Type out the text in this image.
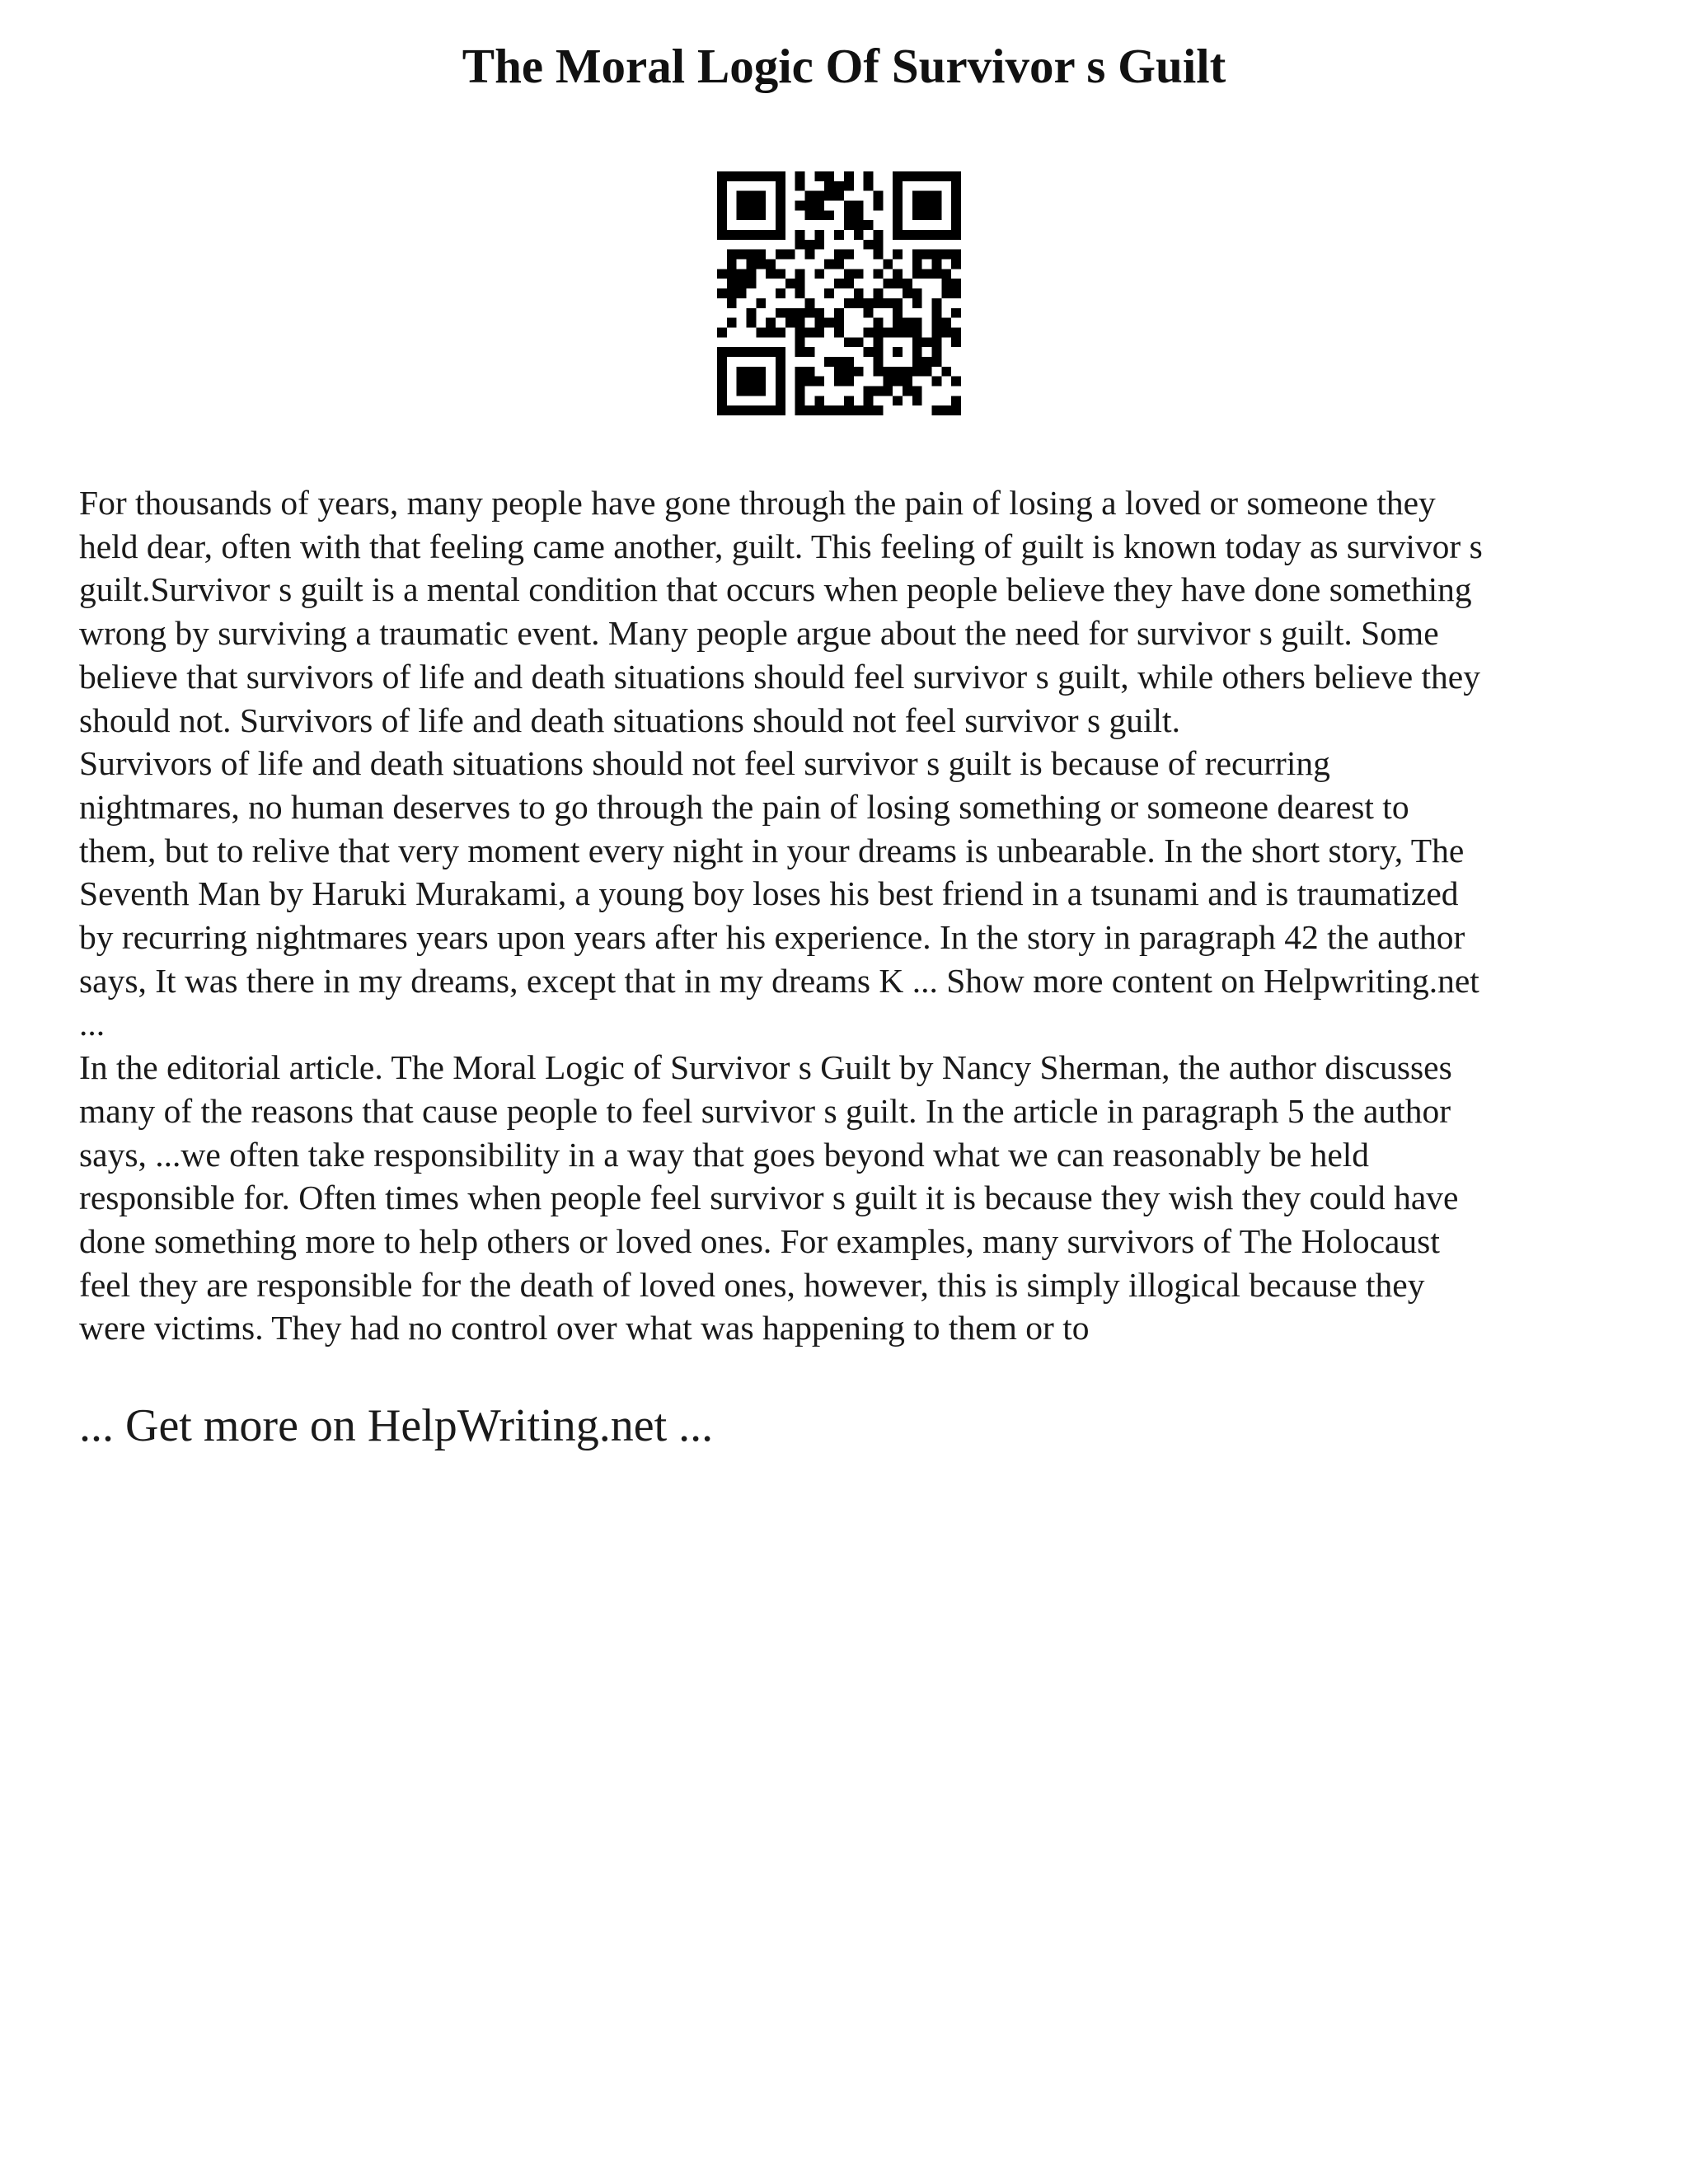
The Moral Logic Of Survivor s Guilt

For thousands of years, many people have gone through the pain of losing a loved or someone they
held dear, often with that feeling came another, guilt. This feeling of guilt is known today as survivor s
guilt.Survivor s guilt is a mental condition that occurs when people believe they have done something
wrong by surviving a traumatic event. Many people argue about the need for survivor s guilt. Some
believe that survivors of life and death situations should feel survivor s guilt, while others believe they
should not. Survivors of life and death situations should not feel survivor s guilt.

Survivors of life and death situations should not feel survivor s guilt is because of recurring
nightmares, no human deserves to go through the pain of losing something or someone dearest to
them, but to relive that very moment every night in your dreams is unbearable. In the short story, The
Seventh Man by Haruki Murakami, a young boy loses his best friend in a tsunami and is traumatized
by recurring nightmares years upon years after his experience. In the story in paragraph 42 the author
says, It was there in my dreams, except that in my dreams K ... Show more content on Helpwriting.net
...

In the editorial article. The Moral Logic of Survivor s Guilt by Nancy Sherman, the author discusses
many of the reasons that cause people to feel survivor s guilt. In the article in paragraph 5 the author
says, ...we often take responsibility in a way that goes beyond what we can reasonably be held
responsible for. Often times when people feel survivor s guilt it is because they wish they could have
done something more to help others or loved ones. For examples, many survivors of The Holocaust
feel they are responsible for the death of loved ones, however, this is simply illogical because they
were victims. They had no control over what was happening to them or to

... Get more on HelpWriting.net ...
